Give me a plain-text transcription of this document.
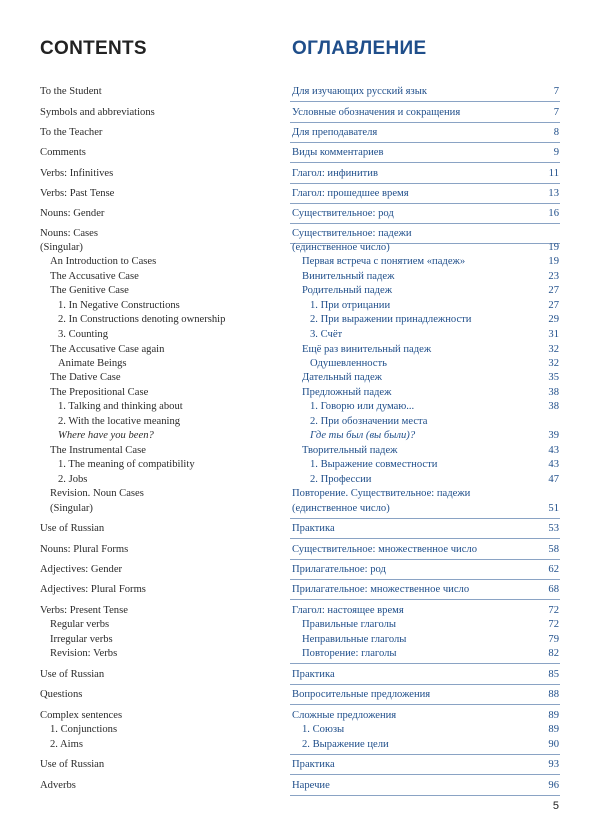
CONTENTS	ОГЛАВЛЕНИЕ
To the Student	Для изучающих русский язык	7
Symbols and abbreviations	Условные обозначения и сокращения	7
To the Teacher	Для преподавателя	8
Comments	Виды комментариев	9
Verbs: Infinitives	Глагол: инфинитив	11
Verbs: Past Tense	Глагол: прошедшее время	13
Nouns: Gender	Существительное: род	16
Nouns: Cases	Существительное: падежи
(Singular)	(единственное число)	19
An Introduction to Cases	Первая встреча с понятием «падеж»	19
The Accusative Case	Винительный падеж	23
The Genitive Case	Родительный падеж	27
1. In Negative Constructions	1. При отрицании	27
2. In Constructions denoting ownership	2. При выражении принадлежности	29
3. Counting	3. Счёт	31
The Accusative Case again	Ещё раз винительный падеж	32
Animate Beings	Одушевленность	32
The Dative Case	Дательный падеж	35
The Prepositional Case	Предложный падеж	38
1. Talking and thinking about	1. Говорю или думаю...	38
2. With the locative meaning	2. При обозначении места
Where have you been?	Где ты был (вы были)?	39
The Instrumental Case	Творительный падеж	43
1. The meaning of compatibility	1. Выражение совместности	43
2. Jobs	2. Профессии	47
Revision. Noun Cases	Повторение. Существительное: падежи
(Singular)	(единственное число)	51
Use of Russian	Практика	53
Nouns: Plural Forms	Существительное: множественное число	58
Adjectives: Gender	Прилагательное: род	62
Adjectives: Plural Forms	Прилагательное: множественное число	68
Verbs: Present Tense	Глагол: настоящее время	72
Regular verbs	Правильные глаголы	72
Irregular verbs	Неправильные глаголы	79
Revision: Verbs	Повторение: глаголы	82
Use of Russian	Практика	85
Questions	Вопросительные предложения	88
Complex sentences	Сложные предложения	89
1. Conjunctions	1. Союзы	89
2. Aims	2. Выражение цели	90
Use of Russian	Практика	93
Adverbs	Наречие	96
5
